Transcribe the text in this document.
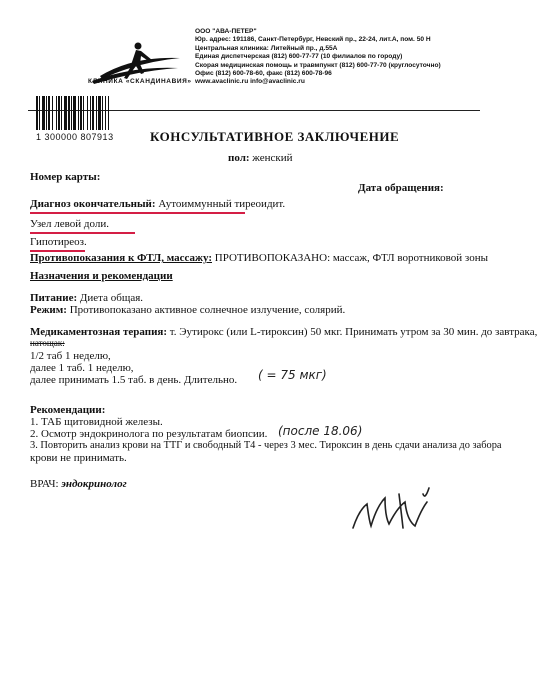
КЛИНИКА «СКАНДИНАВИЯ»
ООО "АВА-ПЕТЕР"
Юр. адрес: 191186, Санкт-Петербург, Невский пр., 22-24, лит.А, пом. 50 Н
Центральная клиника: Литейный пр., д.55А
Единая диспетчерская (812) 600-77-77 (10 филиалов по городу)
Скорая медицинская помощь и травмпункт (812) 600-77-70 (круглосуточно)
Офис (812) 600-78-60, факс (812) 600-78-96
www.avaclinic.ru info@avaclinic.ru
1 300000 807913	КОНСУЛЬТАТИВНОЕ ЗАКЛЮЧЕНИЕ
пол: женский
Номер карты:
Дата обращения:
Диагноз окончательный: Аутоиммунный тиреоидит.
Узел левой доли.
Гипотиреоз.
Противопоказания к ФТЛ, массажу: ПРОТИВОПОКАЗАНО: массаж, ФТЛ воротниковой зоны
Назначения и рекомендации
Питание: Диета общая.
Режим: Противопоказано активное солнечное излучение, солярий.
Медикаментозная терапия: т. Эутирокс (или L-тироксин) 50 мкг. Принимать утром за 30 мин. до завтрака,
натощак:
1/2 таб 1 неделю,
далее 1 таб. 1 неделю,
далее принимать 1.5 таб. в день. Длительно. ( = 75 мкг)
Рекомендации:
1. ТАБ щитовидной железы.
2. Осмотр эндокринолога по результатам биопсии. (после 18.06)
3. Повторить анализ крови на ТТГ и свободный Т4 - через 3 мес. Тироксин в день сдачи анализа до забора
крови не принимать.
ВРАЧ: эндокринолог
